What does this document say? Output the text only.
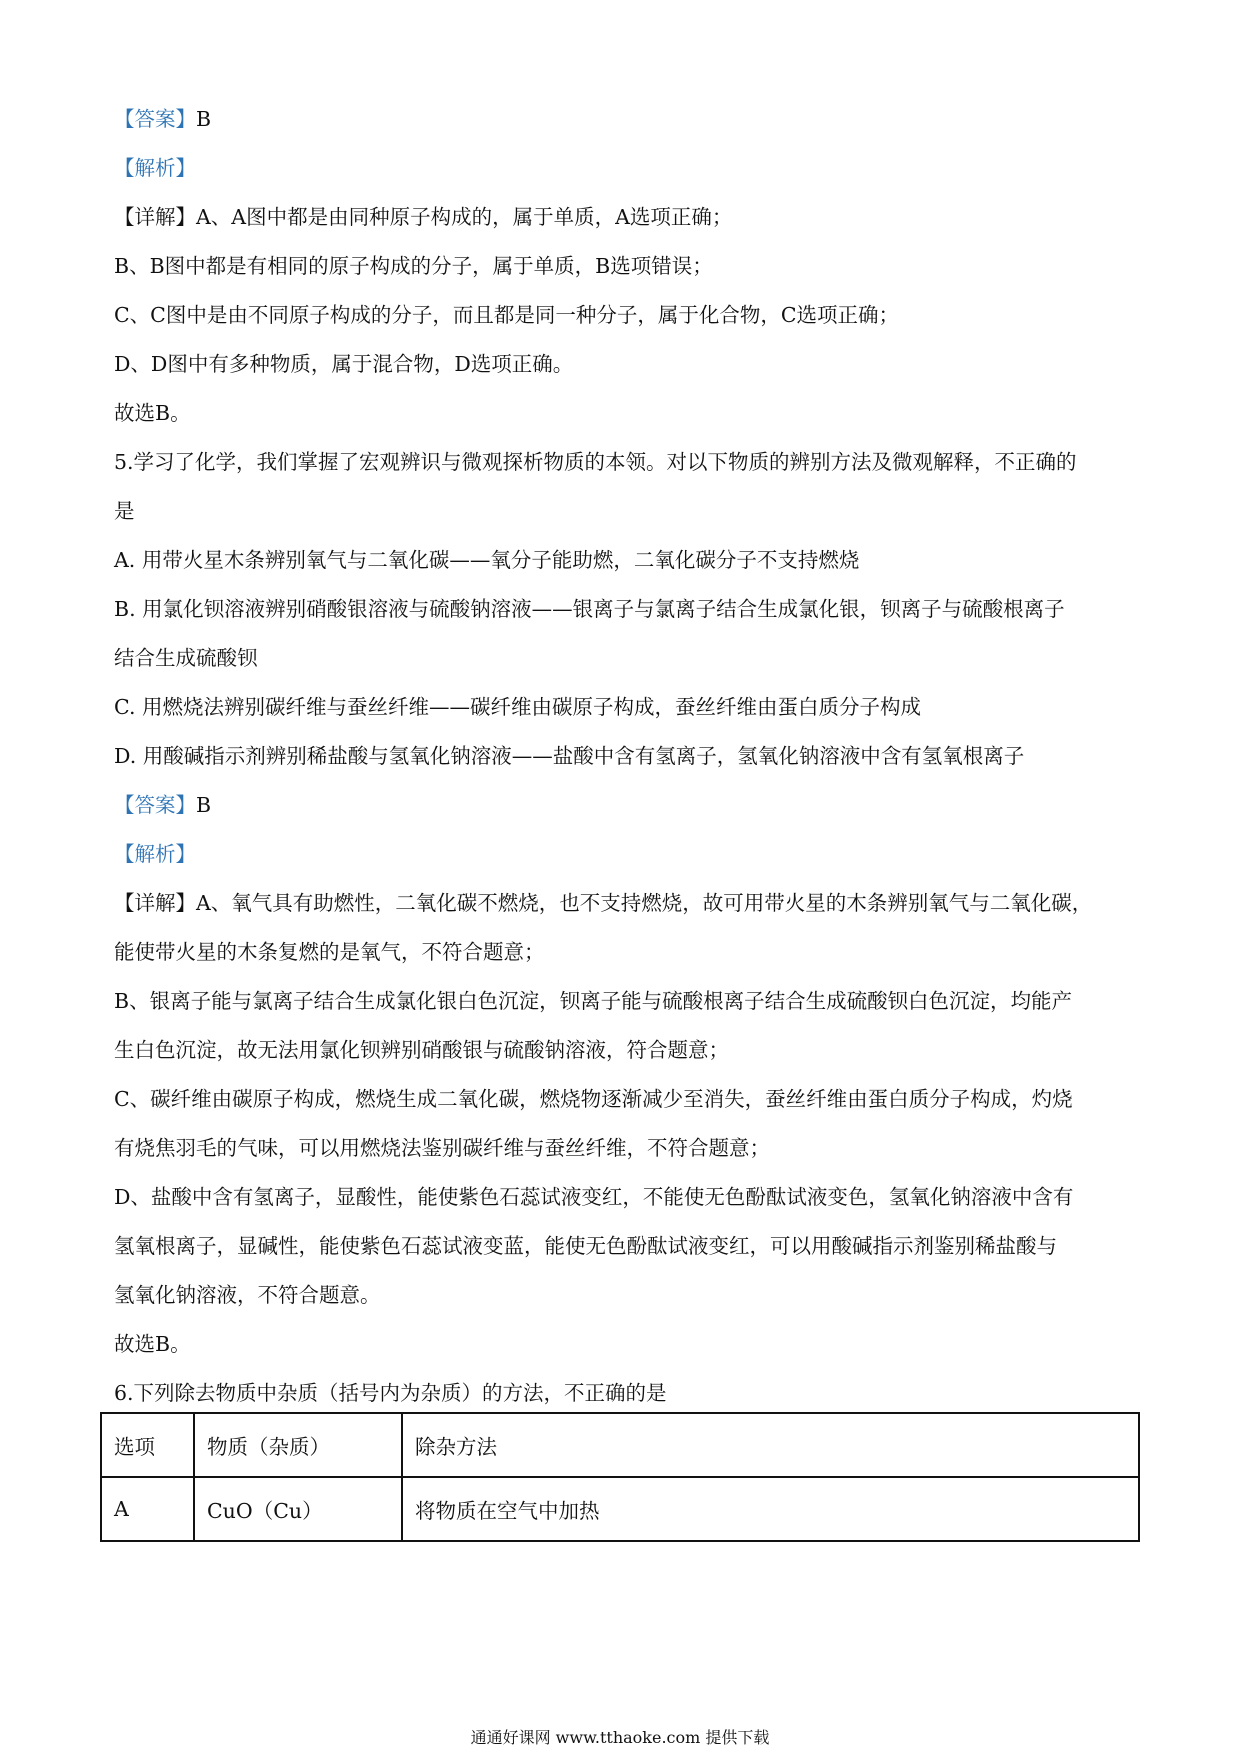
【答案】B
【解析】
【详解】A、A图中都是由同种原子构成的，属于单质，A选项正确；
B、B图中都是有相同的原子构成的分子，属于单质，B选项错误；
C、C图中是由不同原子构成的分子，而且都是同一种分子，属于化合物，C选项正确；
D、D图中有多种物质，属于混合物，D选项正确。
故选B。
5.学习了化学，我们掌握了宏观辨识与微观探析物质的本领。对以下物质的辨别方法及微观解释，不正确的
是
A. 用带火星木条辨别氧气与二氧化碳——氧分子能助燃，二氧化碳分子不支持燃烧
B. 用氯化钡溶液辨别硝酸银溶液与硫酸钠溶液——银离子与氯离子结合生成氯化银，钡离子与硫酸根离子
结合生成硫酸钡
C. 用燃烧法辨别碳纤维与蚕丝纤维——碳纤维由碳原子构成，蚕丝纤维由蛋白质分子构成
D. 用酸碱指示剂辨别稀盐酸与氢氧化钠溶液——盐酸中含有氢离子，氢氧化钠溶液中含有氢氧根离子
【答案】B
【解析】
【详解】A、氧气具有助燃性，二氧化碳不燃烧，也不支持燃烧，故可用带火星的木条辨别氧气与二氧化碳，
能使带火星的木条复燃的是氧气，不符合题意；
B、银离子能与氯离子结合生成氯化银白色沉淀，钡离子能与硫酸根离子结合生成硫酸钡白色沉淀，均能产
生白色沉淀，故无法用氯化钡辨别硝酸银与硫酸钠溶液，符合题意；
C、碳纤维由碳原子构成，燃烧生成二氧化碳，燃烧物逐渐减少至消失，蚕丝纤维由蛋白质分子构成，灼烧
有烧焦羽毛的气味，可以用燃烧法鉴别碳纤维与蚕丝纤维，不符合题意；
D、盐酸中含有氢离子，显酸性，能使紫色石蕊试液变红，不能使无色酚酞试液变色，氢氧化钠溶液中含有
氢氧根离子，显碱性，能使紫色石蕊试液变蓝，能使无色酚酞试液变红，可以用酸碱指示剂鉴别稀盐酸与
氢氧化钠溶液，不符合题意。
故选B。
6.下列除去物质中杂质（括号内为杂质）的方法，不正确的是
选项	物质（杂质）	除杂方法
A	CuO（Cu）	将物质在空气中加热
通通好课网 www.tthaoke.com 提供下载
